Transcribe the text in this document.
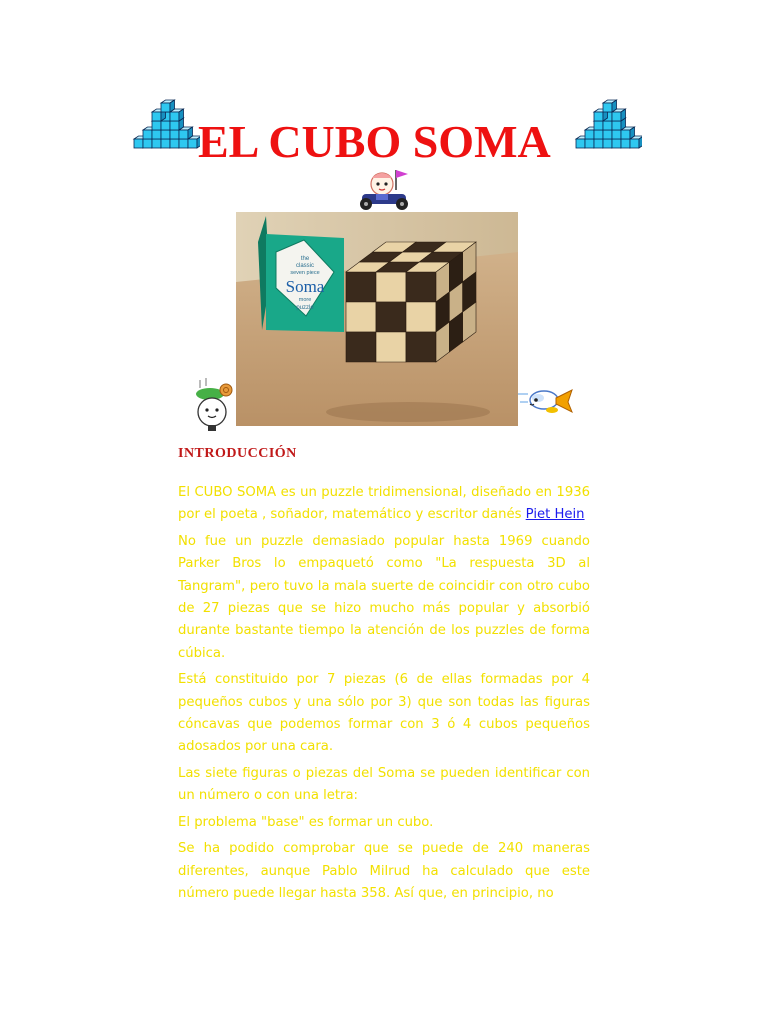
EL CUBO SOMA
the
classic
seven piece
Soma
more
puzzle
INTRODUCCIÓN

El CUBO SOMA es un puzzle tridimensional, diseñado en 1936 por el poeta , soñador, matemático y escritor danés Piet Hein

No fue un puzzle demasiado popular hasta 1969 cuando Parker Bros lo empaquetó como "La respuesta 3D al Tangram", pero tuvo la mala suerte de coincidir con otro cubo de 27 piezas que se hizo mucho más popular y absorbió durante bastante tiempo la atención de los puzzles de forma cúbica.

Está constituido por 7 piezas (6 de ellas formadas por 4 pequeños cubos y una sólo por 3) que son todas las figuras cóncavas que podemos formar con 3 ó 4 cubos pequeños adosados por una cara.

Las siete figuras o piezas del Soma se pueden identificar con un número o con una letra:

El problema "base" es formar un cubo.

Se ha podido comprobar que se puede de 240 maneras diferentes, aunque Pablo Milrud ha calculado que este número puede llegar hasta 358. Así que, en principio, no
